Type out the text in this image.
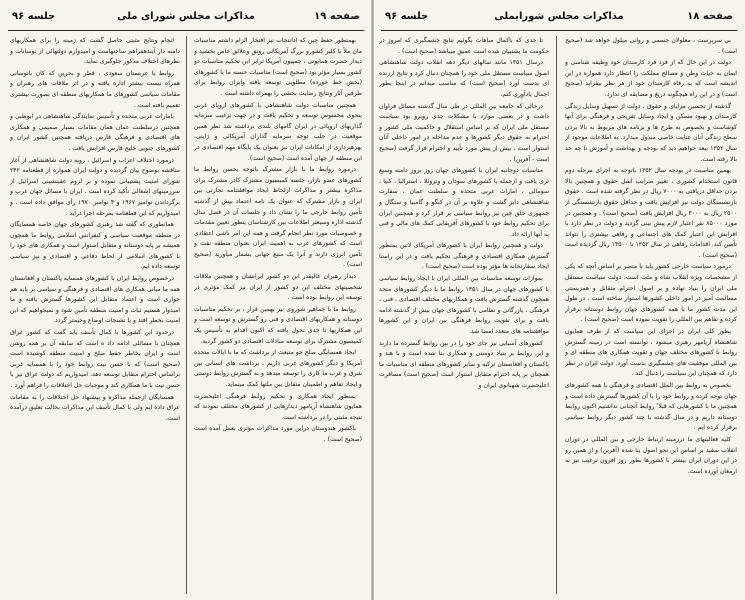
صفحه ۱۹
مذاکرات مجلس شورای ملی
جلسه ۹۶

بهمنظور حفظ چین که ادانتخاب نیز افتخار الزام داشتم مناسبات مان ملاً با کلیر کشورو بزرگ آمریکائی رونق وعلائق خاص بخشید و دیدار حضرت همایونی ، چمپیون آمریکا ثرابر این تحکیم مناسبات دو کشور بسیار مؤثر بود (صحیح است) مناسبات حسنه ما با کشورهای (بخش خط خورده) مطلوبی توسعه یافته وایران روابط برای طرفین آثار ونتایج رضایت بخشی را بهمراه داشته است .

همچنین مناسبات دولت شاهنشاهی با کشورهای اروپای غربی بنحوی محسوس توسعه و تحکیم یافت و در جهت ترغیب سرمایه گذاریهای اروپائی در ایران گامهای بلندی برداشته شد نظر همین موقعیت در جلب توجه سرمایه گذاران آمریکائی و ژاپنی، بهرهبرداری از امکانات ایران نیز بعنوان یک پایگاه مهم اقتصادی در این منطقه از جهان آمده است (صحیح است).

درمورد روابط ما با بازار مشترک باتوجه بحسن روابط ما کشورهای عضو بازار، جلسه کمیسیون مشترک کادر مشترک برای مذاکره بیشتر و مذاکرات ازلحاظ ایجاد موافقتنامه تجارتی بین ایران و بازار مشترک که عنوان یک نامه اعتماد بیش از گذشته تأمین روابط خارجی ما را نشان داد و جلسات آن در فصل سال گذشته اداره وسیعتر اطلاعات بین کارشناسان بنظور تعیین مقدمات و خصوصیات مورد نظر انجام گرفت و همه این امر ناشی اعتقادی است که کشورهای غرب به اهمیت ایران بعنوان منطقه نفت و تأمین انرژی دارند و آنرا یک منبع جهانی بشمار میآورند (صحیح است) .

دیدار رهبران عالیقدر این دو کشور ایرانشان و همچنین ملاقات شخصیتهای مختلف این دو کشور از ایران نیز کمک مؤثری در توسعه این روابط بوده است .

روابط ما با جماهیر شوروی نیز بهمین قرار ، بر تحکیم مناسبات دوستانه و همکاریهای اقتصادی و فنی رو گسترش و توسعه است و این همکاریها تا حدی تحول یافته که اکنون اقدام به تأسیس یک کمیسیون مشترک برای توسعه مبادلات اقتصادی دو کشور گردید.

ایجاد همسایگی صلح جو منبعث از برداشت که ما با ایالات متحده آمریکا و دیگر کشورهای غربی داریم ، برداشت های انسانی بین شرق و غرب ما کاری را توسعه میدهد و به گسترش روابط دوستی و ایجاد تفاهم و اطمینان متقابل بین ملتها کمک مینماید.

بمنظور ایجاد همکاری و تحکیم روابط فرهنگی اعلیحضرت همایون شاهنشاه آریامهر دیدارهایی از کشورهای مختلف نمودند که نتیجه مثبتی را در برداشته است.

باکشور هندوستان دراین مورد مذاکرات مؤثری بعمل آمده است (صحیح است) .

انجام ونتایج مثبتی حاصل گشت که زمینه را برای همکاریهای دامنه دار آیندهفراهم ساختهاست و امیدوارم دولتهائی از نوسانات و نظرهای اختلاف مذکور جلوگیری نماید.

روابط با عربستان سعودی ، قطر و بحرین که کان بانوسانی همراه نیست بیشتر اداره یافته و در اثر ملاقات های رهبران و مقامات سیاسی کشورهای ما همکاریهای منطقه ای بصورت بیشتری تعمیم یافته است .

بامارات عربی متحده و تأسیس نمایندگی شاهنشاهی در ابوظبی و همچنین درسلطنت عمان همان مقامات بسیار صمیمی و همکاری های اقتصادی و فرهنگی فارس دریافته همچنین کشور ایران و کشورهای جنوبی خلیج فارس افزایش یافت .

درمورد اختلاف اعراب و اسرائیل ، رویه دولت شاهنشاهی از آغاز مناقشه بوضوح بیان گردیده و دولت ایران همواره از قطعنامه ۲۴۲ شورای امنیت پشتیبانی نموده و بر لزوم عقبنشینی اسرائیل از سرزمینهای اشغالی تأکید کرده است . ایران با مسائل جهان غرب و برگرداندن نوامبر ۱۹۶۷ و ۴ نوامبر ۱۹۷۰ رأی موافق داده است . و امیدواریم که این قطعنامه بمرحله اجرا درآید .

همانطوری که گفته شد رهبری کشورهای جهان خاصه همسایگان در منطقه موقعیت سیاسی و کنفرانس اسلامی روابط ما همچون همیشه بر پایه دوستانه و متقابل استوار است و همکاری های خود را با کشورهای اسلامی از لحاظ دفاعی و اقتصادی و نیز سیاسی توسعه داده ایم.

درخصوص روابط ایران با کشورهای همسایه پاکستان و افغانستان همه ما مبانی همکاری های اقتصادی و فرهنگی و سیاسی بر پایه هم جواری است و اعتماد متقابل این کشورها گسترش یافته و ما امیدوار هستیم ثبات و امنیت منطقه تأمین شود و نمیخواهیم که این امنیت بخطر افتد و یا تشنجات اوضاع وخیمتر گردد.

درحدود این کشورها با کمال تأسف باید گفت که کشور عراق همچنان با مسائلی ادامه داد ه است که سابقه آن بر همه روشن است و ایران بخاطر حفظ صلح و امنیت منطقه کوشیده است (صحیح است) که با حسن نیت روابط خود را با همسایه غربی براساس احترام متقابل توسعه دهد. امیدواریم که دولت عراق نیز با حسن نیت با ما همکاری کند و موجبات حل اختلافات را فراهم آورد .

همسایگان ازجمله مذاکره و پیشنهاد حل اختلافات را به مقامات عراق داده ایم ولی با کمال تأسف این مذاکرات بحالت تعلیق درآمده است.

صفحه ۱۸
مذاکرات مجلس شورایملی
جلسه ۹۶

بی سرپرست ، معلولان جسمی و روانی میلول خواهد شد (صحیح است) .

دولت در این حال که از فرد فرد کارمندان خود وظیفه شناسی و ایمان به حیات وطن و مصالح مملکت را انتظار دارد همواره در این اندیشه است که به رفاه کارمندان خود از هر نظر بیفزاید (صحیح است) و در این راه هیچگونه دریغ و مضایقه ای ندارد.

گذشته از تحسین مزایای و حقوق ، دولت از تسهیل وسایل زندگی کارمندان و بهبود مسکن و ایجاد وسایل تفریحی و فرهنگی برای آنها کوشاست و بخصوص به طرح ها و برنامه های مربوط به بالا بردن سطح زندگی آنان عنایت خاصی مبذول میدارد. به اطلاعات موجود از سال ۱۳۵۲ ببعد خواهیم دید که بودجه و بهداشت و آموزش تا چه حد بالا رفته است.

بهمین مناسبت در بودجه سال ۱۳۵۲ باتوجه به اجرای مرحله دوم قانون استخدام کشوری ، تغییر ضرایب اشل حقوق و همچنین بالا بردن حداقل دریافتی به ۷۰۰۰ ریال در نظر گرفته شده است . حقوق بازنشستگان دولت نیز افزایش یافت و حداقل حقوق بازنشستگی از ۲۵۰۰ ریال به ۴۰۰۰ ریال افزایش یافت (صحیح است) . و همچنین در مورد ۸۵۰۰۰ نفر اعتبار لازم پیش بینی گردید و دولت در نظر دارد با افزایش این اعتبار کمک های اجتماعی و رفاهی بیشتری را بتواند تأمین کند. اقدامات رفاهی در سال ۱۳۵۲ تا ۱۴۵۰۰ ریال گردیده است (صحیح است) .

درمورد سیاست خارجی کشور باید با متضر بر اساس آنچه که یکی از مشخصات ویژه انقلاب شاه و ملت است، دولت سیاست مستقل ملی ایران را بنیاد نهاده و بر اصول احترام متقابل و همزیستی مسالمت آمیز در امور داخلی کشورها استوار ساخته است . در طول این مدت کشور ما با همه کشورهای جهان روابط دوستانه برقرار کرده و تفاهم بین المللی را تقویت نموده است (صحیح است) .

بطور کلی ایران در اجرای این سیاست که از طرف همایون شاهنشاه آریامهر رهبری میشود ، توانسته است در زمینه گسترش روابط با کشورهای مختلف جهان و تقویت همکاری های منطقه ای و بین المللی موفقیت های چشمگیری بدست آورد. دولت ایران در نظر دارد که همچنان این سیاست را دنبال کند .

بخصوص به روابط بین الملل اقتصادی و فرهنگی با همه کشورهای جهان توجه کرده و روابط خود را با آن کشورها گسترش داده است و همچنین ما با کشورهایی که قبلا ً روابط آنچنانی نداشتیم اکنون روابط دوستانه داریم و در سال گذشته با چند کشور دیگر روابط سیاسی برقرار کرده ایم .

کلیه فعالیتهای ما درزمینه ارتباط خارجی و بین المللی در دوران انقلاب سفید بر اساس این نحو اصول بنا شده (آفرین) و از همین رو در این دوران ایران بیشتر با کشورها بطور روز افزون ترغیب نیز به ارمغان آورده است.

تا حدی که باکمال مباهات بگوئیم نتایج چشمگیری که امروز در حکومت ما پشتیبان شده است عمیق میباشد (صحیح است) .

درسال ۱۳۵۱ مانند سالهای دیگر دهه انقلاب دولت شاهنشاهی اصول سیاست مستقل ملی خود را همچنان دنبال کرد و نتایج ارزنده ای بدست آورد (صحیح است) که مناسب میدانم در اینجا بطور اجمال یادآوری کنم.

درحالی که جامعه بین المللی در طی سال گذشته مسائل فراوان داشت و در بعضی موارد با مشکلات جدی روبرو بود سیاست مستقل ملی ایران که بر اساس استقلال و حاکمیت ملی کشور و احترام به حقوق دیگر کشورها و عدم مداخله در امور داخلی آنان استوار است ، بیش از پیش مورد تأیید و احترام قرار گرفت (صحیح است - آفرین) .

مناسبات دوجانبه ایران با کشورهای جهان روز بروز دامنه وسیع تری یافت و ازجمله با کشورهای سودان و ونزوئلا ، استرالیا ، کنیا ، سومالی ، امارات عربی متحده و سلطنت عمان ، سفارت شاهنشاهی دایر گشت و علاوه بر آن در کنگو و گامبیا و سنگال و جمهوری خلق چین نیز روابط سیاسی بر قرار کرد و همچنین ایران برای تحکیم روابط خود با کشورهای آفریقایی کمک های مالی و فنی به آنها ارائه داد.

دولت و همچنین روابط ایران با کشورهای آمریکای لاتین بمنظور گسترش همکاری اقتصادی و فرهنگی تحکیم یافت و در این راستا ایجاد سفارتخانه ها مؤثر بوده است (صحیح است) .

بموازات توسعه مناسبات بین المللی ایران با ایجاد روابط سیاسی با کشورهای جهان در سال ۱۳۵۱ روابط ما با دیگر کشورهای متحد همچون گذشته گسترش یافت و همکاریهای مختلف اقتصادی ، فنی ، فرهنگی ، بازرگانی و نظامی با کشورهای جهان بیش از گذشته ادامه یافت و برای تقویت روابط فرهنگی بین ایران و این کشورها موافقتنامه های متعدد امضا شد.

کشورهای آسیایی نیز جای خود را در بین روابط گسترده ما دارند و این روابط بر بنیاد دوستی و همکاری بنا شده است و با هند و پاکستان و افغانستان ترکیه و سایر کشورهای منطقه ای مناسبات ما همچنان بر پایه احترام متقابل استوار است (صحیح است) مسافرت اعلیحضرت شهبانوی ایران و
